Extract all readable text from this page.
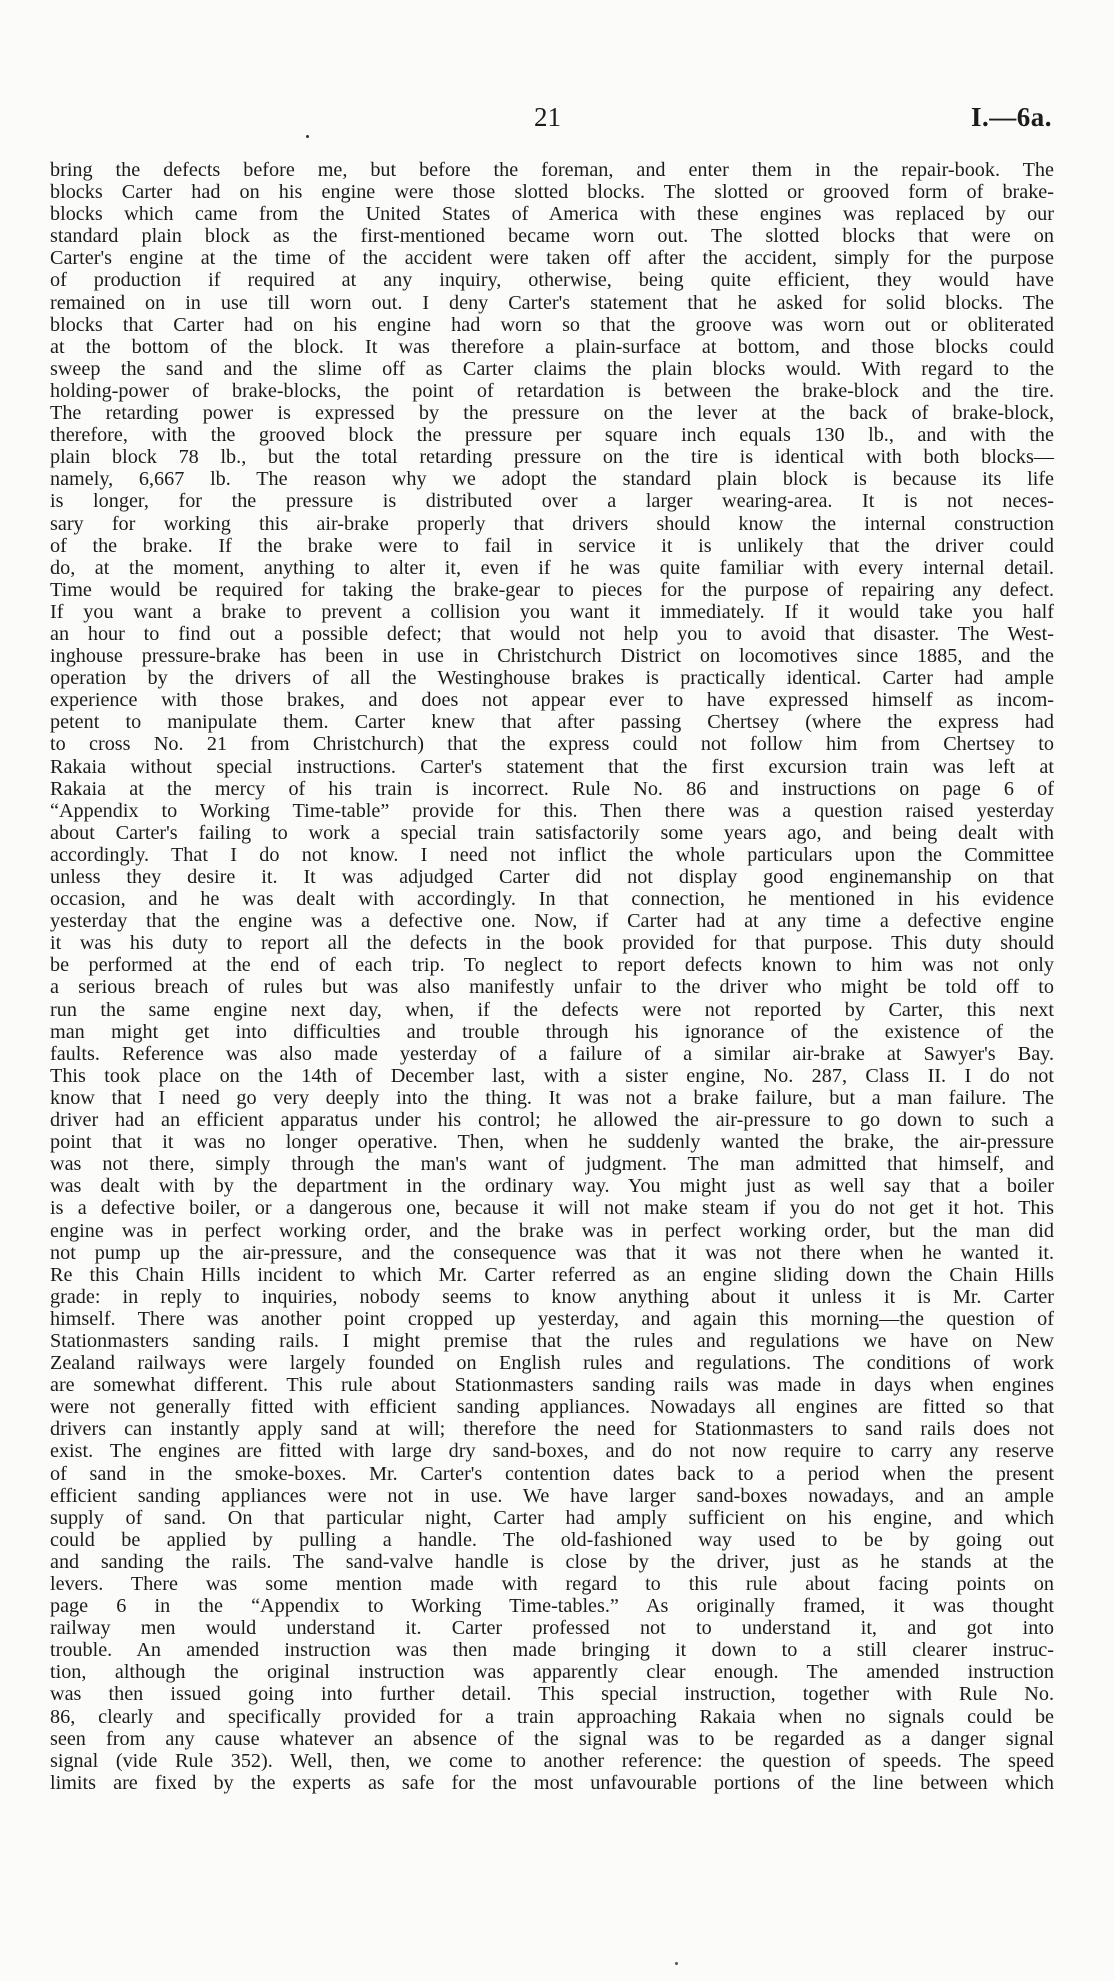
21	I.—6a.
bring the defects before me, but before the foreman, and enter them in the repair-book. The
blocks Carter had on his engine were those slotted blocks. The slotted or grooved form of brake-
blocks which came from the United States of America with these engines was replaced by our
standard plain block as the first-mentioned became worn out. The slotted blocks that were on
Carter's engine at the time of the accident were taken off after the accident, simply for the purpose
of production if required at any inquiry, otherwise, being quite efficient, they would have
remained on in use till worn out. I deny Carter's statement that he asked for solid blocks. The
blocks that Carter had on his engine had worn so that the groove was worn out or obliterated
at the bottom of the block. It was therefore a plain-surface at bottom, and those blocks could
sweep the sand and the slime off as Carter claims the plain blocks would. With regard to the
holding-power of brake-blocks, the point of retardation is between the brake-block and the tire.
The retarding power is expressed by the pressure on the lever at the back of brake-block,
therefore, with the grooved block the pressure per square inch equals 130 lb., and with the
plain block 78 lb., but the total retarding pressure on the tire is identical with both blocks—
namely, 6,667 lb. The reason why we adopt the standard plain block is because its life
is longer, for the pressure is distributed over a larger wearing-area. It is not neces-
sary for working this air-brake properly that drivers should know the internal construction
of the brake. If the brake were to fail in service it is unlikely that the driver could
do, at the moment, anything to alter it, even if he was quite familiar with every internal detail.
Time would be required for taking the brake-gear to pieces for the purpose of repairing any defect.
If you want a brake to prevent a collision you want it immediately. If it would take you half
an hour to find out a possible defect; that would not help you to avoid that disaster. The West-
inghouse pressure-brake has been in use in Christchurch District on locomotives since 1885, and the
operation by the drivers of all the Westinghouse brakes is practically identical. Carter had ample
experience with those brakes, and does not appear ever to have expressed himself as incom-
petent to manipulate them. Carter knew that after passing Chertsey (where the express had
to cross No. 21 from Christchurch) that the express could not follow him from Chertsey to
Rakaia without special instructions. Carter's statement that the first excursion train was left at
Rakaia at the mercy of his train is incorrect. Rule No. 86 and instructions on page 6 of
“Appendix to Working Time-table” provide for this. Then there was a question raised yesterday
about Carter's failing to work a special train satisfactorily some years ago, and being dealt with
accordingly. That I do not know. I need not inflict the whole particulars upon the Committee
unless they desire it. It was adjudged Carter did not display good enginemanship on that
occasion, and he was dealt with accordingly. In that connection, he mentioned in his evidence
yesterday that the engine was a defective one. Now, if Carter had at any time a defective engine
it was his duty to report all the defects in the book provided for that purpose. This duty should
be performed at the end of each trip. To neglect to report defects known to him was not only
a serious breach of rules but was also manifestly unfair to the driver who might be told off to
run the same engine next day, when, if the defects were not reported by Carter, this next
man might get into difficulties and trouble through his ignorance of the existence of the
faults. Reference was also made yesterday of a failure of a similar air-brake at Sawyer's Bay.
This took place on the 14th of December last, with a sister engine, No. 287, Class II. I do not
know that I need go very deeply into the thing. It was not a brake failure, but a man failure. The
driver had an efficient apparatus under his control; he allowed the air-pressure to go down to such a
point that it was no longer operative. Then, when he suddenly wanted the brake, the air-pressure
was not there, simply through the man's want of judgment. The man admitted that himself, and
was dealt with by the department in the ordinary way. You might just as well say that a boiler
is a defective boiler, or a dangerous one, because it will not make steam if you do not get it hot. This
engine was in perfect working order, and the brake was in perfect working order, but the man did
not pump up the air-pressure, and the consequence was that it was not there when he wanted it.
Re this Chain Hills incident to which Mr. Carter referred as an engine sliding down the Chain Hills
grade: in reply to inquiries, nobody seems to know anything about it unless it is Mr. Carter
himself. There was another point cropped up yesterday, and again this morning—the question of
Stationmasters sanding rails. I might premise that the rules and regulations we have on New
Zealand railways were largely founded on English rules and regulations. The conditions of work
are somewhat different. This rule about Stationmasters sanding rails was made in days when engines
were not generally fitted with efficient sanding appliances. Nowadays all engines are fitted so that
drivers can instantly apply sand at will; therefore the need for Stationmasters to sand rails does not
exist. The engines are fitted with large dry sand-boxes, and do not now require to carry any reserve
of sand in the smoke-boxes. Mr. Carter's contention dates back to a period when the present
efficient sanding appliances were not in use. We have larger sand-boxes nowadays, and an ample
supply of sand. On that particular night, Carter had amply sufficient on his engine, and which
could be applied by pulling a handle. The old-fashioned way used to be by going out
and sanding the rails. The sand-valve handle is close by the driver, just as he stands at the
levers. There was some mention made with regard to this rule about facing points on
page 6 in the “Appendix to Working Time-tables.” As originally framed, it was thought
railway men would understand it. Carter professed not to understand it, and got into
trouble. An amended instruction was then made bringing it down to a still clearer instruc-
tion, although the original instruction was apparently clear enough. The amended instruction
was then issued going into further detail. This special instruction, together with Rule No.
86, clearly and specifically provided for a train approaching Rakaia when no signals could be
seen from any cause whatever an absence of the signal was to be regarded as a danger signal
signal (vide Rule 352). Well, then, we come to another reference: the question of speeds. The speed
limits are fixed by the experts as safe for the most unfavourable portions of the line between which
